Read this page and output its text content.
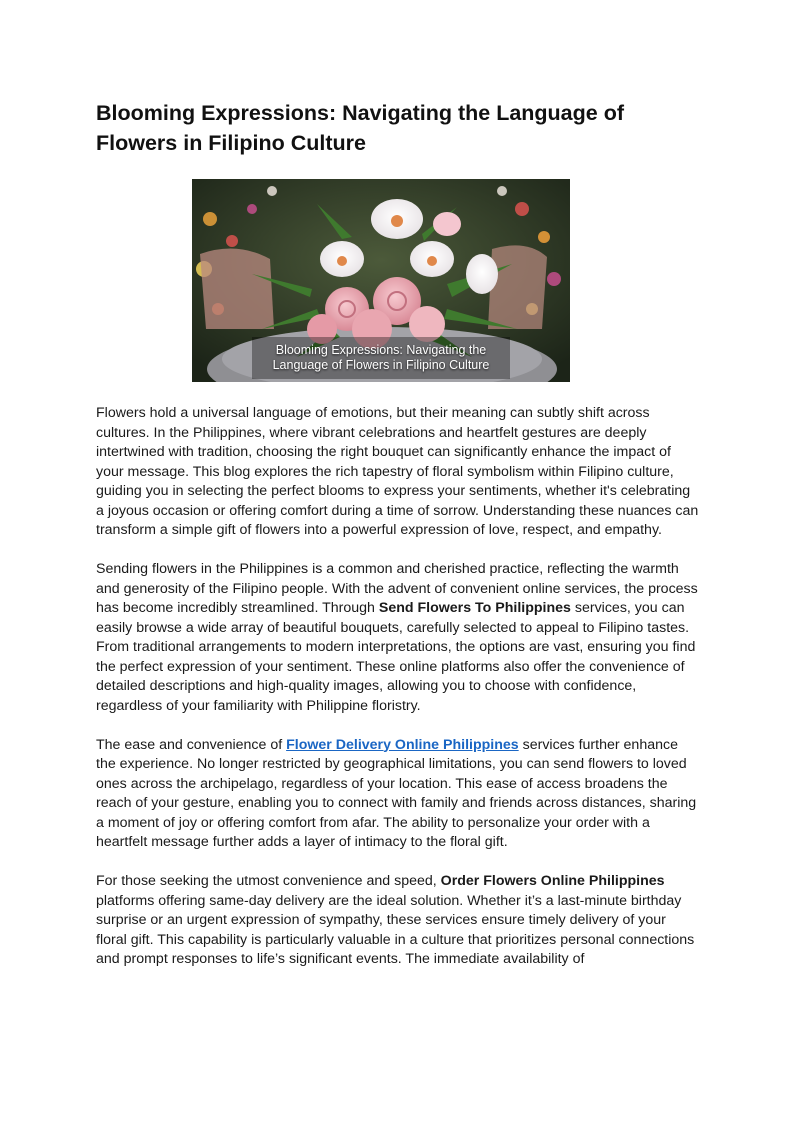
Blooming Expressions: Navigating the Language of Flowers in Filipino Culture
Blooming Expressions: Navigating the
Language of Flowers in Filipino Culture

Flowers hold a universal language of emotions, but their meaning can subtly shift across cultures. In the Philippines, where vibrant celebrations and heartfelt gestures are deeply intertwined with tradition, choosing the right bouquet can significantly enhance the impact of your message. This blog explores the rich tapestry of floral symbolism within Filipino culture, guiding you in selecting the perfect blooms to express your sentiments, whether it's celebrating a joyous occasion or offering comfort during a time of sorrow. Understanding these nuances can transform a simple gift of flowers into a powerful expression of love, respect, and empathy.

Sending flowers in the Philippines is a common and cherished practice, reflecting the warmth and generosity of the Filipino people. With the advent of convenient online services, the process has become incredibly streamlined. Through Send Flowers To Philippines services, you can easily browse a wide array of beautiful bouquets, carefully selected to appeal to Filipino tastes. From traditional arrangements to modern interpretations, the options are vast, ensuring you find the perfect expression of your sentiment. These online platforms also offer the convenience of detailed descriptions and high-quality images, allowing you to choose with confidence, regardless of your familiarity with Philippine floristry.

The ease and convenience of Flower Delivery Online Philippines services further enhance the experience. No longer restricted by geographical limitations, you can send flowers to loved ones across the archipelago, regardless of your location. This ease of access broadens the reach of your gesture, enabling you to connect with family and friends across distances, sharing a moment of joy or offering comfort from afar. The ability to personalize your order with a heartfelt message further adds a layer of intimacy to the floral gift.

For those seeking the utmost convenience and speed, Order Flowers Online Philippines platforms offering same-day delivery are the ideal solution. Whether it’s a last-minute birthday surprise or an urgent expression of sympathy, these services ensure timely delivery of your floral gift. This capability is particularly valuable in a culture that prioritizes personal connections and prompt responses to life’s significant events. The immediate availability of
